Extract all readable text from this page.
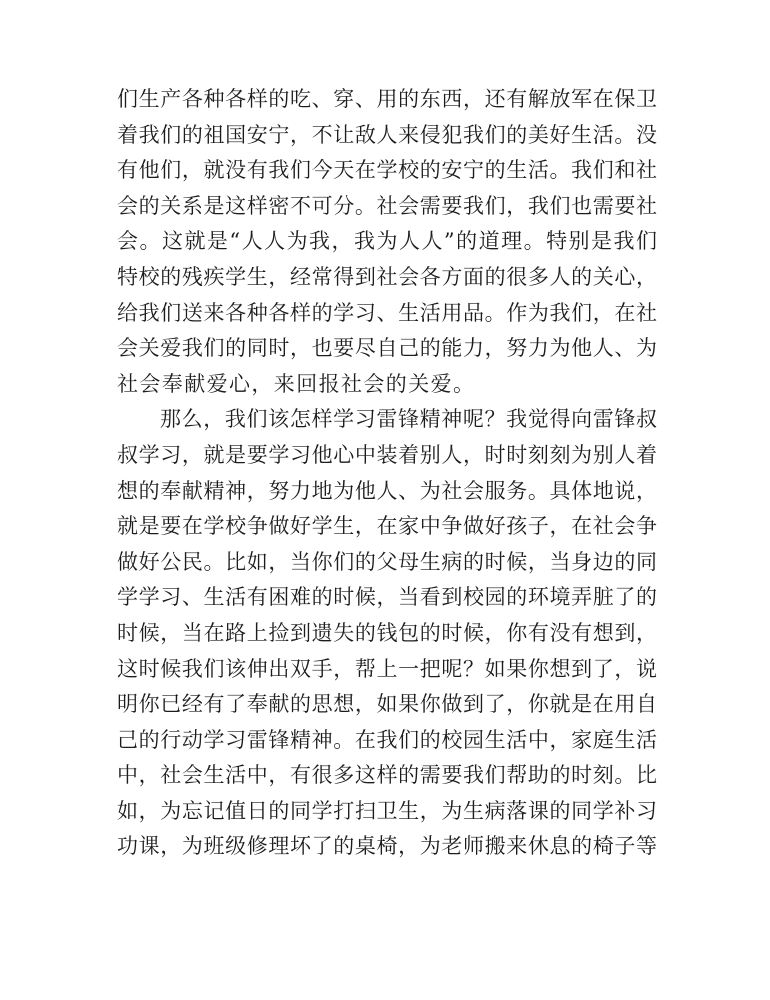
们生产各种各样的吃、穿、用的东西，还有解放军在保卫
着我们的祖国安宁，不让敌人来侵犯我们的美好生活。没
有他们，就没有我们今天在学校的安宁的生活。我们和社
会的关系是这样密不可分。社会需要我们，我们也需要社
会。这就是“人人为我，我为人人”的道理。特别是我们
特校的残疾学生，经常得到社会各方面的很多人的关心，
给我们送来各种各样的学习、生活用品。作为我们，在社
会关爱我们的同时，也要尽自己的能力，努力为他人、为
社会奉献爱心，来回报社会的关爱。
那么，我们该怎样学习雷锋精神呢？我觉得向雷锋叔
叔学习，就是要学习他心中装着别人，时时刻刻为别人着
想的奉献精神，努力地为他人、为社会服务。具体地说，
就是要在学校争做好学生，在家中争做好孩子，在社会争
做好公民。比如，当你们的父母生病的时候，当身边的同
学学习、生活有困难的时候，当看到校园的环境弄脏了的
时候，当在路上捡到遗失的钱包的时候，你有没有想到，
这时候我们该伸出双手，帮上一把呢？如果你想到了，说
明你已经有了奉献的思想，如果你做到了，你就是在用自
己的行动学习雷锋精神。在我们的校园生活中，家庭生活
中，社会生活中，有很多这样的需要我们帮助的时刻。比
如，为忘记值日的同学打扫卫生，为生病落课的同学补习
功课，为班级修理坏了的桌椅，为老师搬来休息的椅子等
